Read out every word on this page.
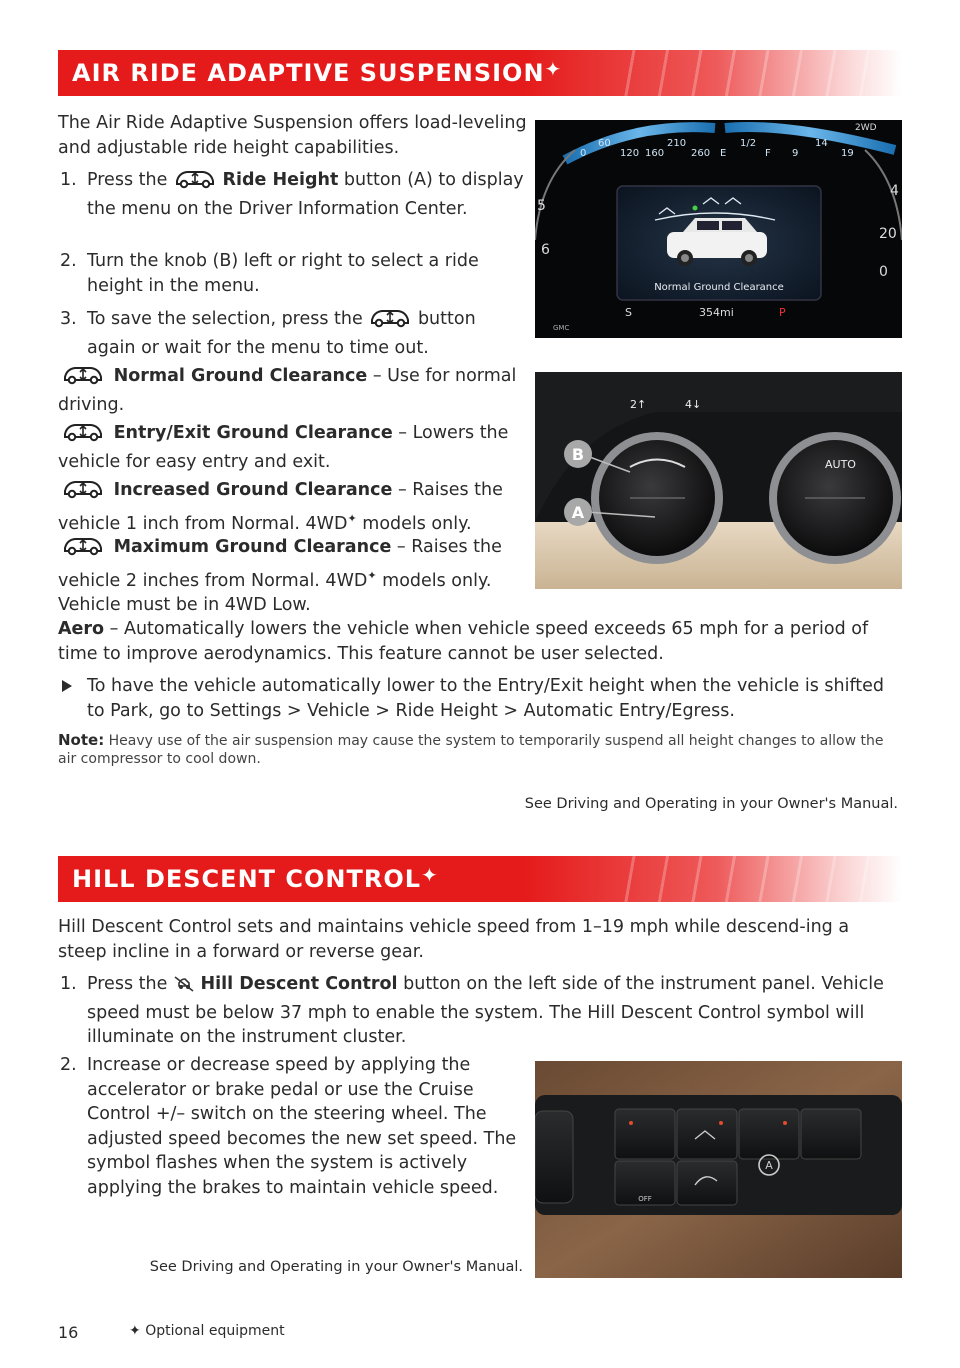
AIR RIDE ADAPTIVE SUSPENSION✦
The Air Ride Adaptive Suspension offers load-leveling and adjustable ride height capabilities.
1. Press the	Ride Height button (A) to display the menu on the Driver Information Center.
2. Turn the knob (B) left or right to select a ride height in the menu.
3. To save the selection, press the	button again or wait for the menu to time out.
Normal Ground Clearance – Use for normal driving.
Entry/Exit Ground Clearance – Lowers the vehicle for easy entry and exit.
Increased Ground Clearance – Raises the vehicle 1 inch from Normal. 4WD✦ models only.
Maximum Ground Clearance – Raises the vehicle 2 inches from Normal. 4WD✦ models only. Vehicle must be in 4WD Low.
Aero – Automatically lowers the vehicle when vehicle speed exceeds 65 mph for a period of time to improve aerodynamics. This feature cannot be user selected.
To have the vehicle automatically lower to the Entry/Exit height when the vehicle is shifted to Park, go to Settings > Vehicle > Ride Height > Automatic Entry/Egress.
Note: Heavy use of the air suspension may cause the system to temporarily suspend all height changes to allow the air compressor to cool down.
See Driving and Operating in your Owner's Manual.
Normal Ground Clearance
0
60
120 160
210
260 E
1/2
F 9
14
19
2WD
5
6
4
20
0
S	354mi	P
GMC
AUTO
2↑	4↓
B
A
HILL DESCENT CONTROL✦
Hill Descent Control sets and maintains vehicle speed from 1–19 mph while descend-ing a steep incline in a forward or reverse gear.
1. Press the Hill Descent Control button on the left side of the instrument panel. Vehicle speed must be below 37 mph to enable the system. The Hill Descent Control symbol will illuminate on the instrument cluster.
2. Increase or decrease speed by applying the accelerator or brake pedal or use the Cruise Control +/– switch on the steering wheel. The adjusted speed becomes the new set speed. The symbol flashes when the system is actively applying the brakes to maintain vehicle speed.
See Driving and Operating in your Owner's Manual.
A
OFF
16	✦ Optional equipment
